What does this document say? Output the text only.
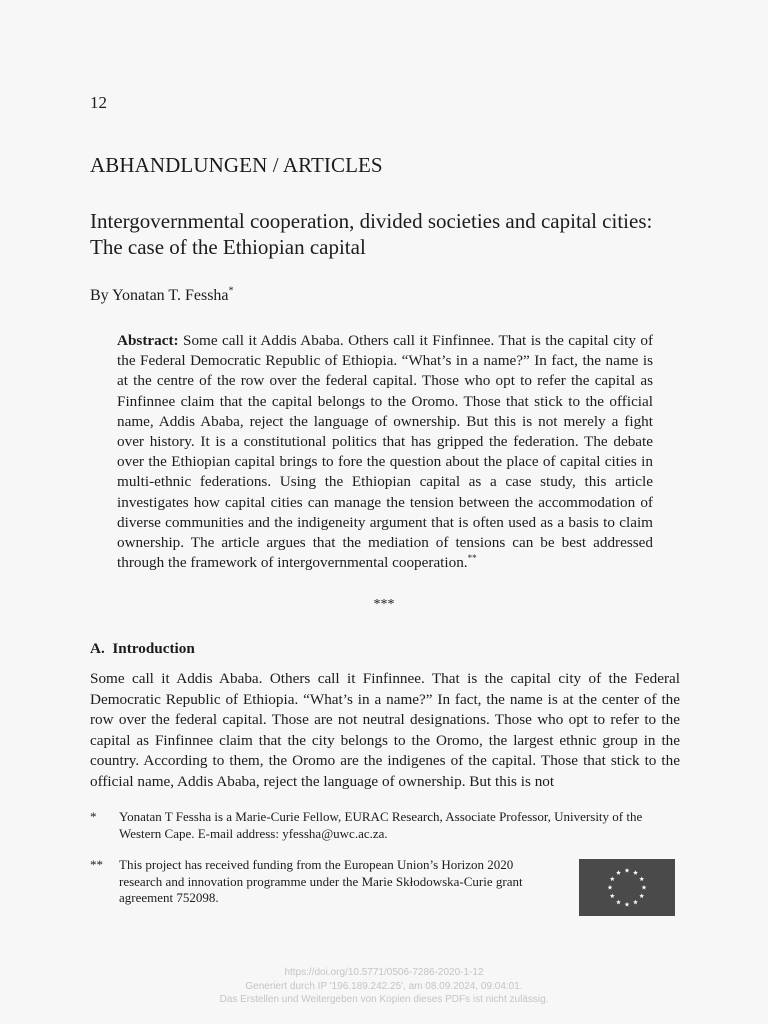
12
ABHANDLUNGEN / ARTICLES
Intergovernmental cooperation, divided societies and capital cities: The case of the Ethiopian capital
By Yonatan T. Fessha*
Abstract: Some call it Addis Ababa. Others call it Finfinnee. That is the capital city of the Federal Democratic Republic of Ethiopia. “What’s in a name?” In fact, the name is at the centre of the row over the federal capital. Those who opt to refer the capital as Finfinnee claim that the capital belongs to the Oromo. Those that stick to the official name, Addis Ababa, reject the language of ownership. But this is not merely a fight over history. It is a constitutional politics that has gripped the federation. The debate over the Ethiopian capital brings to fore the question about the place of capital cities in multi-ethnic federations. Using the Ethiopian capital as a case study, this article investigates how capital cities can manage the tension between the accommodation of diverse communities and the indigeneity argument that is often used as a basis to claim ownership. The article argues that the mediation of tensions can be best addressed through the framework of intergovernmental cooperation.**
***
A.  Introduction
Some call it Addis Ababa. Others call it Finfinnee. That is the capital city of the Federal Democratic Republic of Ethiopia. “What’s in a name?” In fact, the name is at the center of the row over the federal capital. Those are not neutral designations. Those who opt to refer to the capital as Finfinnee claim that the city belongs to the Oromo, the largest ethnic group in the country. According to them, the Oromo are the indigenes of the capital. Those that stick to the official name, Addis Ababa, reject the language of ownership. But this is not
* Yonatan T Fessha is a Marie-Curie Fellow, EURAC Research, Associate Professor, University of the Western Cape. E-mail address: yfessha@uwc.ac.za.
** This project has received funding from the European Union’s Horizon 2020 research and innovation programme under the Marie Skłodowska-Curie grant agreement 752098.
https://doi.org/10.5771/0506-7286-2020-1-12
Generiert durch IP '196.189.242.25', am 08.09.2024, 09:04:01.
Das Erstellen und Weitergeben von Kopien dieses PDFs ist nicht zulässig.
